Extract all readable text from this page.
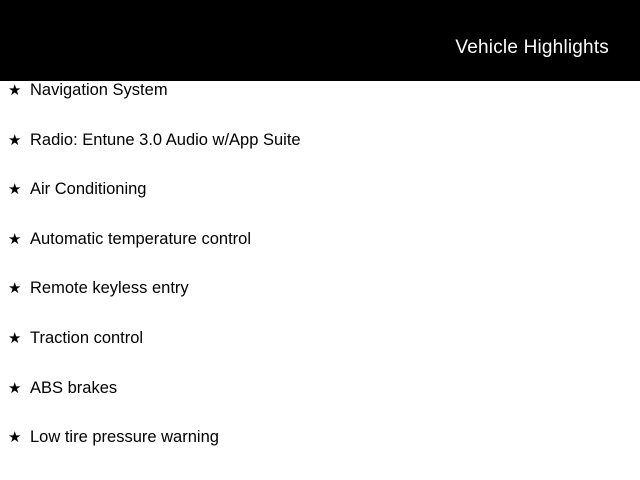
Vehicle Highlights
★ Navigation System
★ Radio: Entune 3.0 Audio w/App Suite
★ Air Conditioning
★ Automatic temperature control
★ Remote keyless entry
★ Traction control
★ ABS brakes
★ Low tire pressure warning
